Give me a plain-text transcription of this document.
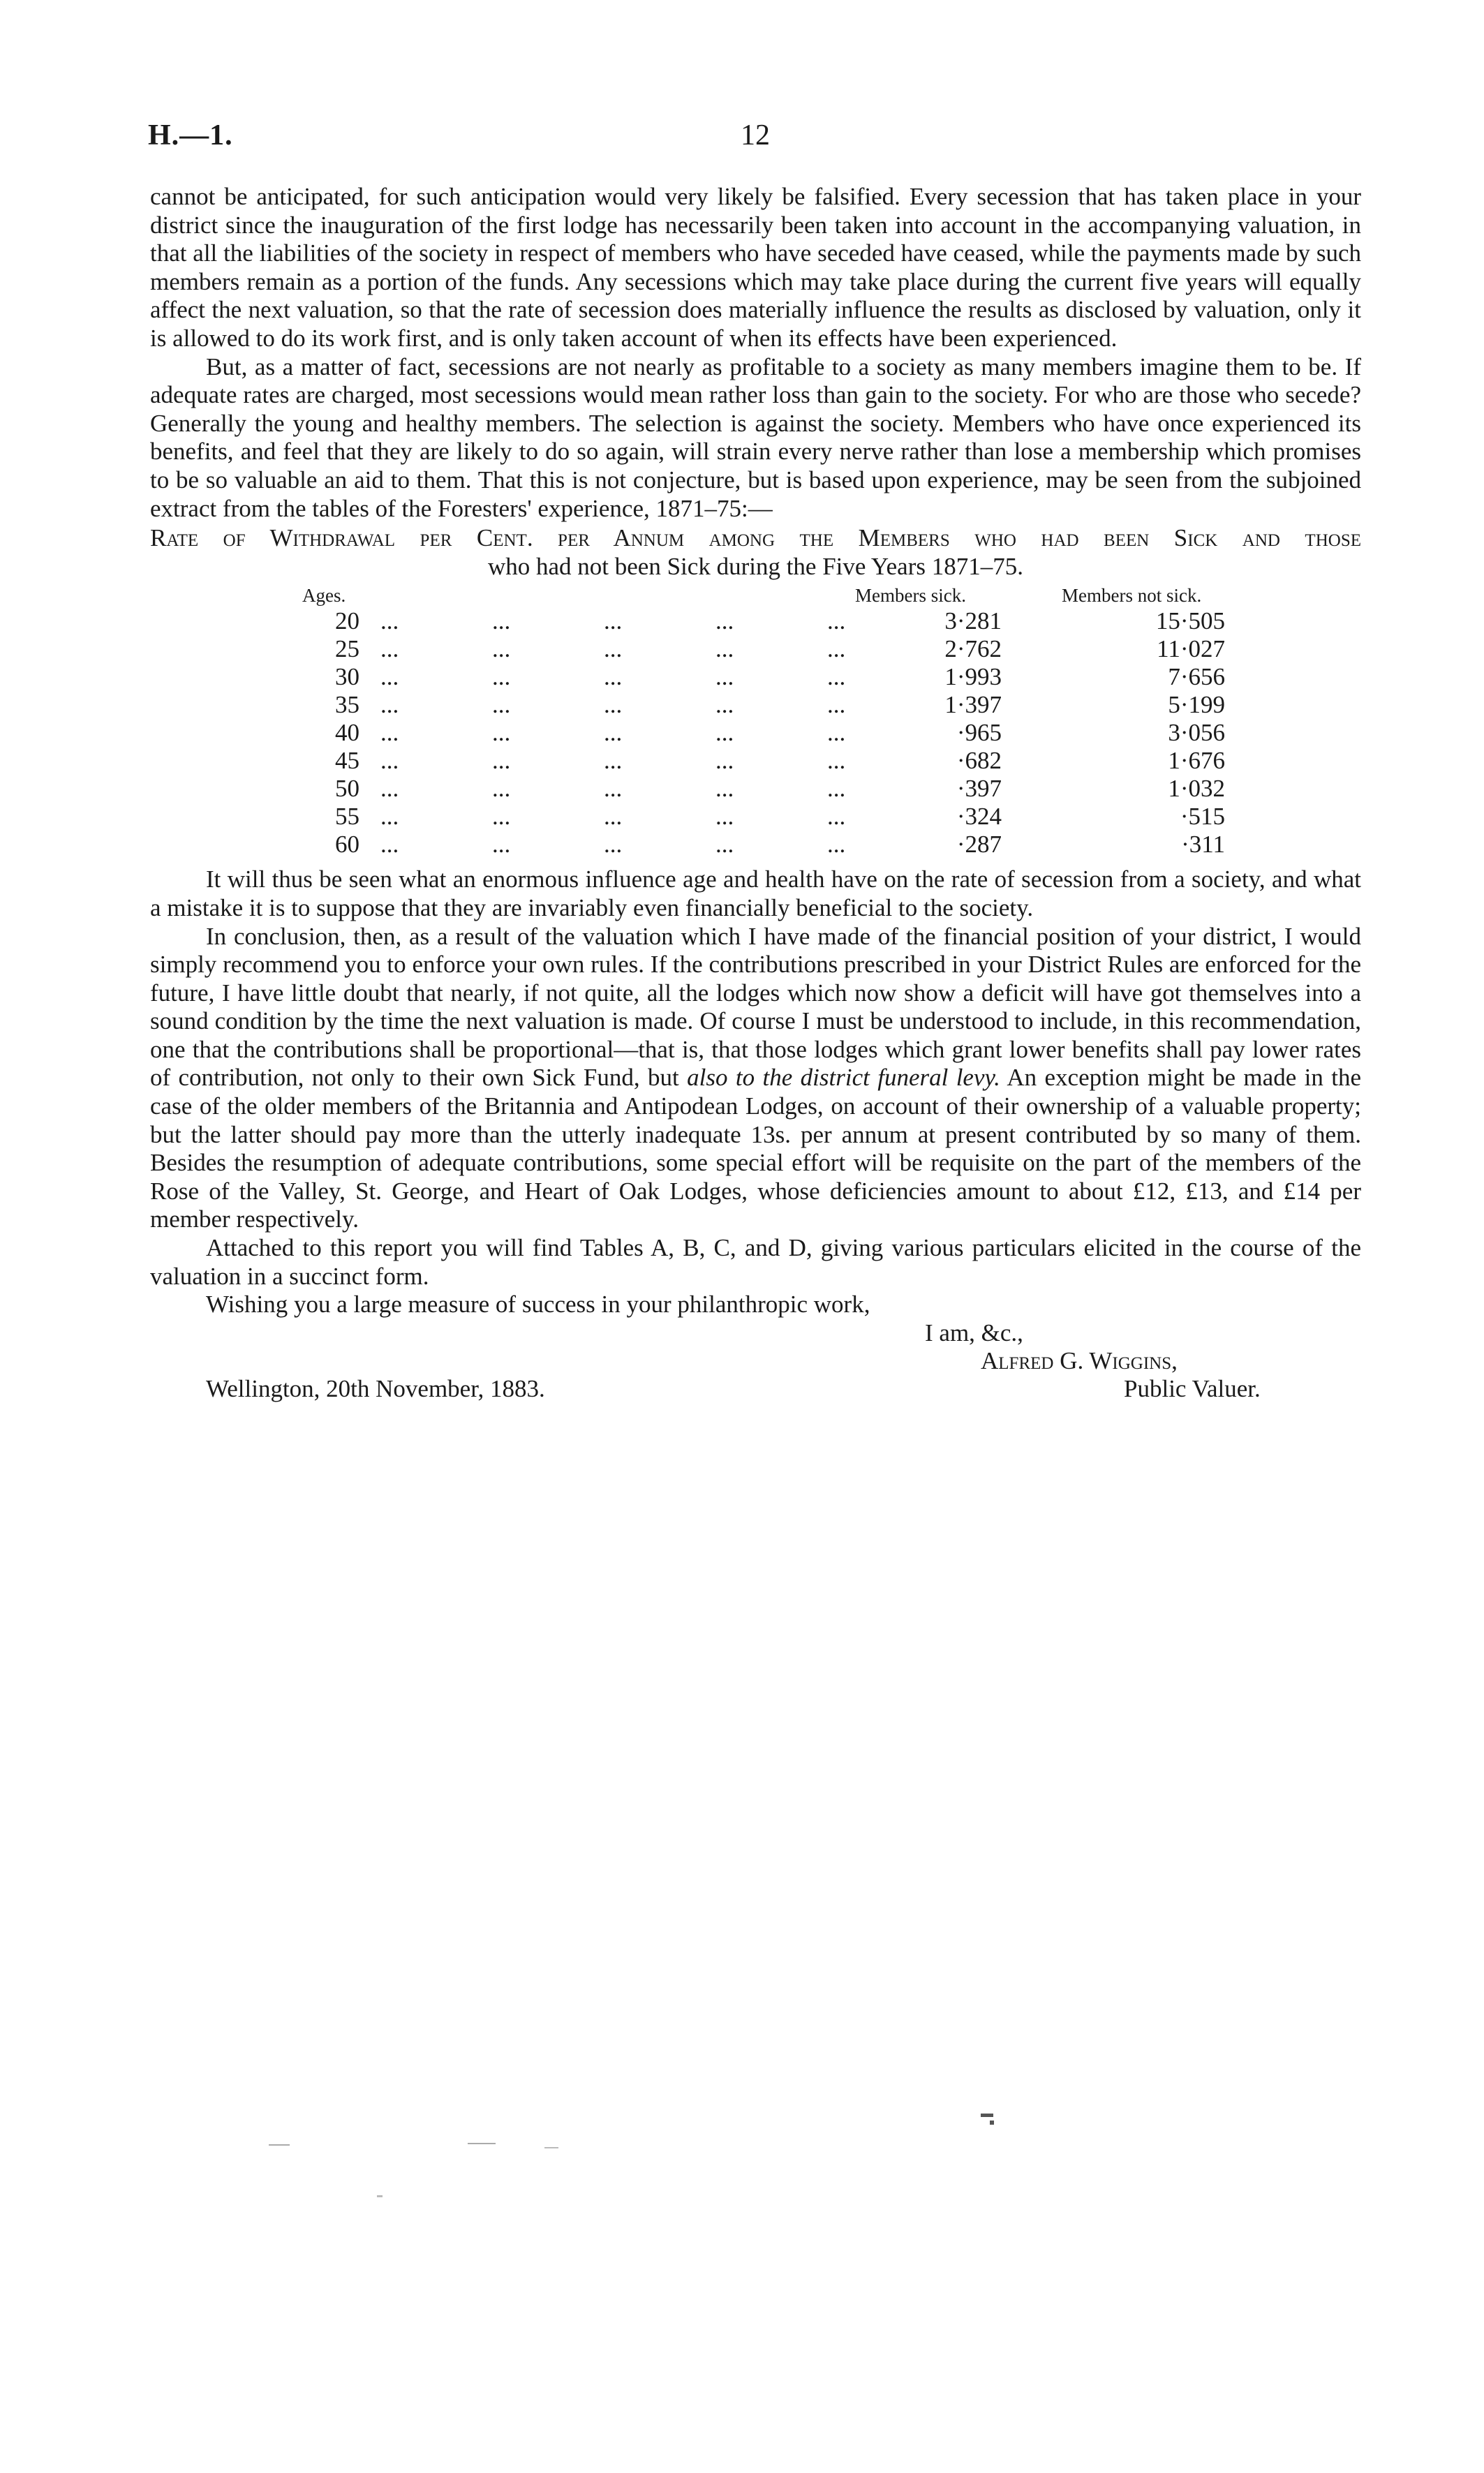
H.—1.	12

cannot be anticipated, for such anticipation would very likely be falsified. Every secession that has taken place in your district since the inauguration of the first lodge has necessarily been taken into account in the accompanying valuation, in that all the liabilities of the society in respect of members who have seceded have ceased, while the payments made by such members remain as a portion of the funds. Any secessions which may take place during the current five years will equally affect the next valuation, so that the rate of secession does materially influence the results as disclosed by valuation, only it is allowed to do its work first, and is only taken account of when its effects have been experienced.

But, as a matter of fact, secessions are not nearly as profitable to a society as many members imagine them to be. If adequate rates are charged, most secessions would mean rather loss than gain to the society. For who are those who secede? Generally the young and healthy members. The selection is against the society. Members who have once experienced its benefits, and feel that they are likely to do so again, will strain every nerve rather than lose a membership which promises to be so valuable an aid to them. That this is not conjecture, but is based upon experience, may be seen from the subjoined extract from the tables of the Foresters' experience, 1871–75:—

Rate of Withdrawal per Cent. per Annum among the Members who had been Sick and those
who had not been Sick during the Five Years 1871–75.
Ages.	Members sick.	Members not sick.
20 ...	...	...	...	...	3·281	15·505
25 ...	...	...	...	...	2·762	11·027
30 ...	...	...	...	...	1·993	7·656
35 ...	...	...	...	...	1·397	5·199
40 ...	...	...	...	...	·965	3·056
45 ...	...	...	...	...	·682	1·676
50 ...	...	...	...	...	·397	1·032
55 ...	...	...	...	...	·324	·515
60 ...	...	...	...	...	·287	·311

It will thus be seen what an enormous influence age and health have on the rate of secession from a society, and what a mistake it is to suppose that they are invariably even financially beneficial to the society.

In conclusion, then, as a result of the valuation which I have made of the financial position of your district, I would simply recommend you to enforce your own rules. If the contributions prescribed in your District Rules are enforced for the future, I have little doubt that nearly, if not quite, all the lodges which now show a deficit will have got themselves into a sound condition by the time the next valuation is made. Of course I must be understood to include, in this recommendation, one that the contributions shall be proportional—that is, that those lodges which grant lower benefits shall pay lower rates of contribution, not only to their own Sick Fund, but also to the district funeral levy. An exception might be made in the case of the older members of the Britannia and Antipodean Lodges, on account of their ownership of a valuable property; but the latter should pay more than the utterly inadequate 13s. per annum at present contributed by so many of them. Besides the resumption of adequate contributions, some special effort will be requisite on the part of the members of the Rose of the Valley, St. George, and Heart of Oak Lodges, whose deficiencies amount to about £12, £13, and £14 per member respectively.

Attached to this report you will find Tables A, B, C, and D, giving various particulars elicited in the course of the valuation in a succinct form.

Wishing you a large measure of success in your philanthropic work,

I am, &c.,
Alfred G. Wiggins,
Wellington, 20th November, 1883.	Public Valuer.
